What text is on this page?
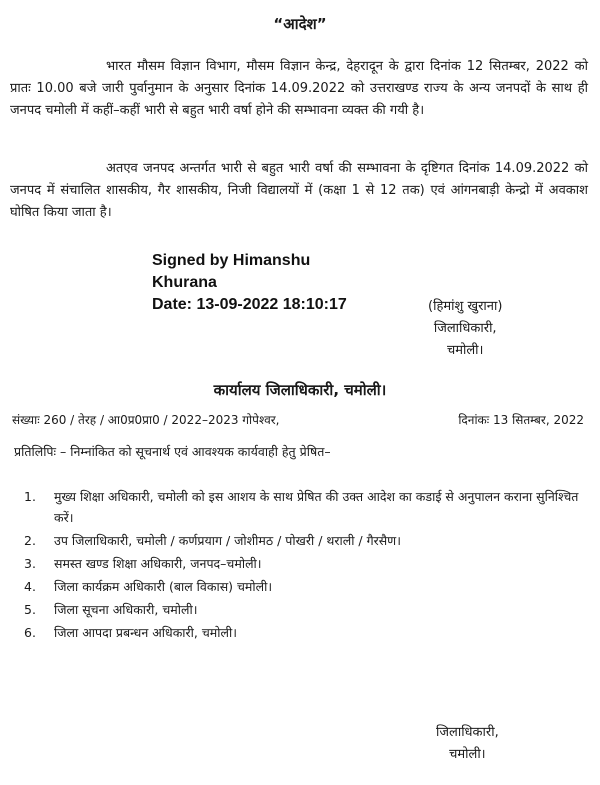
“आदेश”
भारत मौसम विज्ञान विभाग, मौसम विज्ञान केन्द्र, देहरादून के द्वारा दिनांक 12 सितम्बर, 2022 को प्रातः 10.00 बजे जारी पुर्वानुमान के अनुसार दिनांक 14.09.2022 को उत्तराखण्ड राज्य के अन्य जनपदों के साथ ही जनपद चमोली में कहीं–कहीं भारी से बहुत भारी वर्षा होने की सम्भावना व्यक्त की गयी है।
अतएव जनपद अन्तर्गत भारी से बहुत भारी वर्षा की सम्भावना के दृष्टिगत दिनांक 14.09.2022 को जनपद में संचालित शासकीय, गैर शासकीय, निजी विद्यालयों में (कक्षा 1 से 12 तक) एवं आंगनबाड़ी केन्द्रो में अवकाश घोषित किया जाता है।
Signed by Himanshu
Khurana
Date: 13-09-2022 18:10:17	(हिमांशु खुराना)
जिलाधिकारी,
चमोली।
कार्यालय जिलाधिकारी, चमोली।
संख्याः 260 / तेरह / आ0प्र0प्रा0 / 2022–2023 गोपेश्वर,	दिनांकः 13 सितम्बर, 2022
प्रतिलिपिः – निम्नांकित को सूचनार्थ एवं आवश्यक कार्यवाही हेतु प्रेषित–
1. मुख्य शिक्षा अधिकारी, चमोली को इस आशय के साथ प्रेषित की उक्त आदेश का कडाई से अनुपालन कराना सुनिश्चित करें।
2. उप जिलाधिकारी, चमोली / कर्णप्रयाग / जोशीमठ / पोखरी / थराली / गैरसैण।
3. समस्त खण्ड शिक्षा अधिकारी, जनपद–चमोली।
4. जिला कार्यक्रम अधिकारी (बाल विकास) चमोली।
5. जिला सूचना अधिकारी, चमोली।
6. जिला आपदा प्रबन्धन अधिकारी, चमोली।
जिलाधिकारी,
चमोली।
